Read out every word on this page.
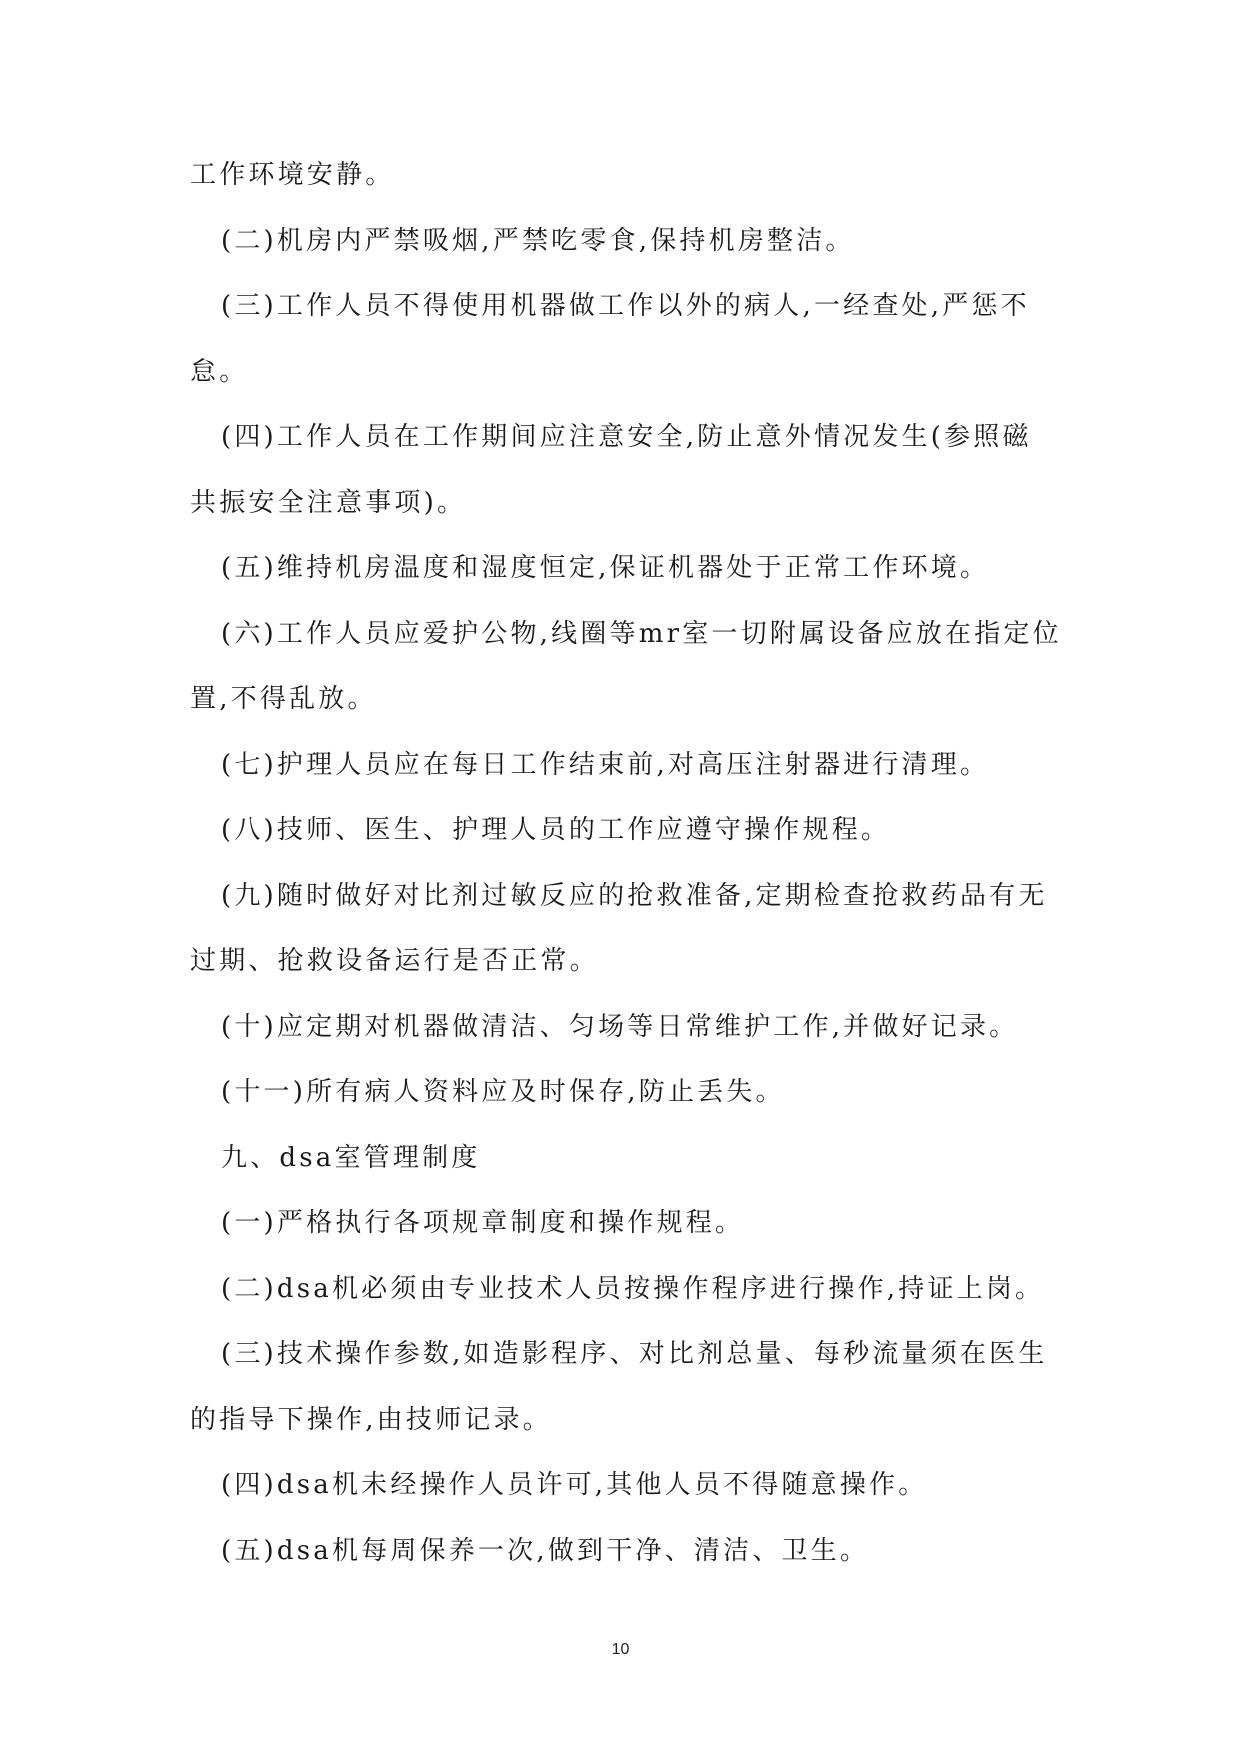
工作环境安静。
(二)机房内严禁吸烟,严禁吃零食,保持机房整洁。
(三)工作人员不得使用机器做工作以外的病人,一经查处,严惩不
怠。
(四)工作人员在工作期间应注意安全,防止意外情况发生(参照磁
共振安全注意事项)。
(五)维持机房温度和湿度恒定,保证机器处于正常工作环境。
(六)工作人员应爱护公物,线圈等mr室一切附属设备应放在指定位
置,不得乱放。
(七)护理人员应在每日工作结束前,对高压注射器进行清理。
(八)技师、医生、护理人员的工作应遵守操作规程。
(九)随时做好对比剂过敏反应的抢救准备,定期检查抢救药品有无
过期、抢救设备运行是否正常。
(十)应定期对机器做清洁、匀场等日常维护工作,并做好记录。
(十一)所有病人资料应及时保存,防止丢失。
九、dsa室管理制度
(一)严格执行各项规章制度和操作规程。
(二)dsa机必须由专业技术人员按操作程序进行操作,持证上岗。
(三)技术操作参数,如造影程序、对比剂总量、每秒流量须在医生
的指导下操作,由技师记录。
(四)dsa机未经操作人员许可,其他人员不得随意操作。
(五)dsa机每周保养一次,做到干净、清洁、卫生。
10
